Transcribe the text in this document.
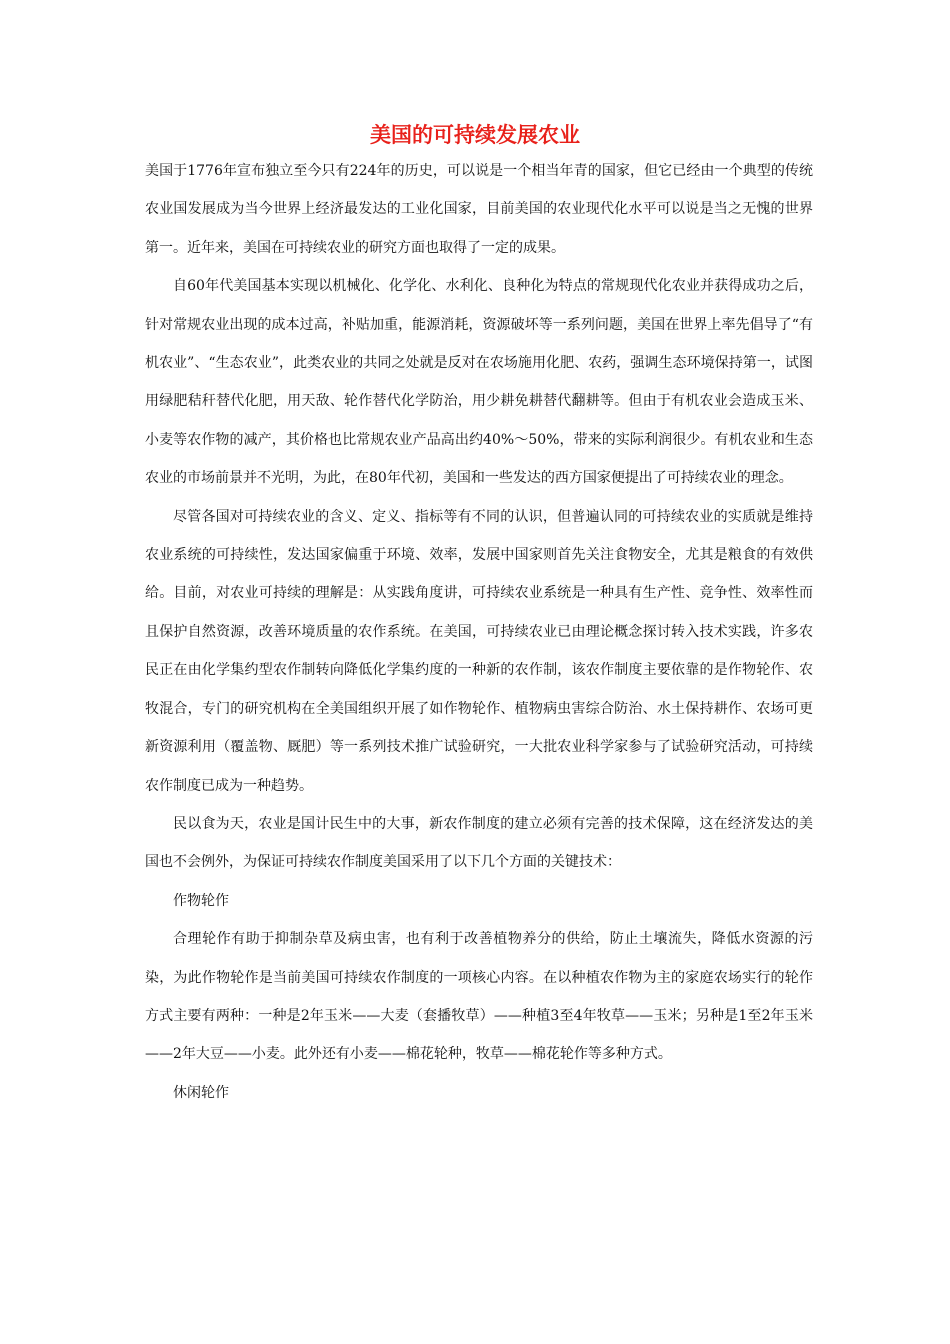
美国的可持续发展农业

美国于1776年宣布独立至今只有224年的历史，可以说是一个相当年青的国家，但它已经由一个典型的传统农业国发展成为当今世界上经济最发达的工业化国家，目前美国的农业现代化水平可以说是当之无愧的世界第一。近年来，美国在可持续农业的研究方面也取得了一定的成果。

自60年代美国基本实现以机械化、化学化、水利化、良种化为特点的常规现代化农业并获得成功之后，针对常规农业出现的成本过高，补贴加重，能源消耗，资源破坏等一系列问题，美国在世界上率先倡导了“有机农业”、“生态农业”，此类农业的共同之处就是反对在农场施用化肥、农药，强调生态环境保持第一，试图用绿肥秸秆替代化肥，用天敌、轮作替代化学防治，用少耕免耕替代翻耕等。但由于有机农业会造成玉米、小麦等农作物的减产，其价格也比常规农业产品高出约40%～50%，带来的实际利润很少。有机农业和生态农业的市场前景并不光明，为此，在80年代初，美国和一些发达的西方国家便提出了可持续农业的理念。

尽管各国对可持续农业的含义、定义、指标等有不同的认识，但普遍认同的可持续农业的实质就是维持农业系统的可持续性，发达国家偏重于环境、效率，发展中国家则首先关注食物安全，尤其是粮食的有效供给。目前，对农业可持续的理解是：从实践角度讲，可持续农业系统是一种具有生产性、竞争性、效率性而且保护自然资源，改善环境质量的农作系统。在美国，可持续农业已由理论概念探讨转入技术实践，许多农民正在由化学集约型农作制转向降低化学集约度的一种新的农作制，该农作制度主要依靠的是作物轮作、农牧混合，专门的研究机构在全美国组织开展了如作物轮作、植物病虫害综合防治、水土保持耕作、农场可更新资源利用（覆盖物、厩肥）等一系列技术推广试验研究，一大批农业科学家参与了试验研究活动，可持续农作制度已成为一种趋势。

民以食为天，农业是国计民生中的大事，新农作制度的建立必须有完善的技术保障，这在经济发达的美国也不会例外，为保证可持续农作制度美国采用了以下几个方面的关键技术：

作物轮作

合理轮作有助于抑制杂草及病虫害，也有利于改善植物养分的供给，防止土壤流失，降低水资源的污染，为此作物轮作是当前美国可持续农作制度的一项核心内容。在以种植农作物为主的家庭农场实行的轮作方式主要有两种：一种是2年玉米——大麦（套播牧草）——种植3至4年牧草——玉米；另种是1至2年玉米——2年大豆——小麦。此外还有小麦——棉花轮种，牧草——棉花轮作等多种方式。

休闲轮作
